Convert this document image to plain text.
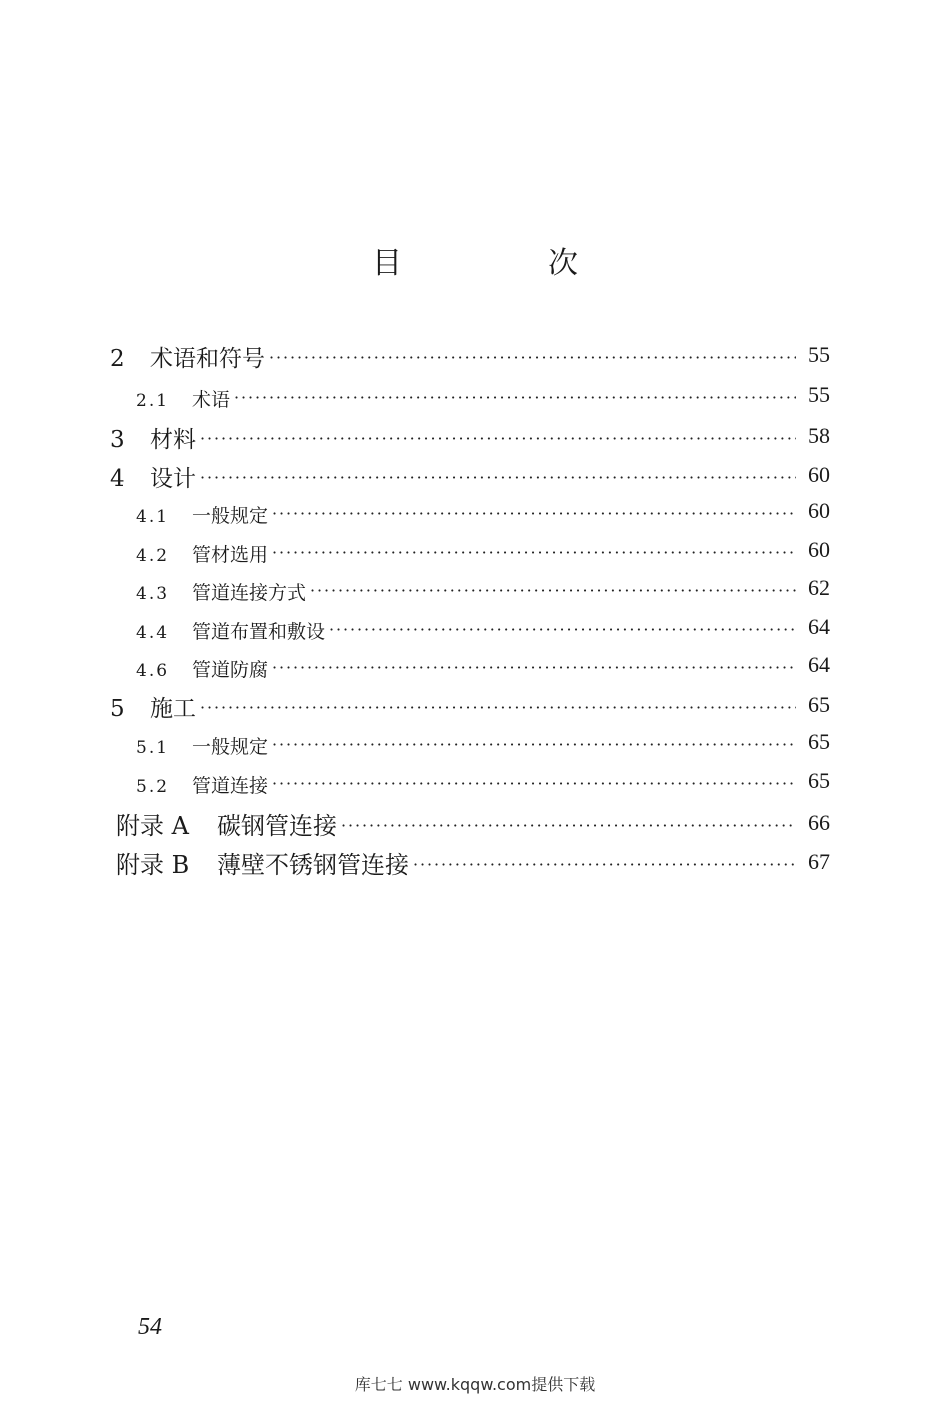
目　次
2	术语和符号 ·····	55
2.1	术语 ·····	55
3	材料 ·····	58
4	设计 ·····	60
4.1	一般规定 ·····	60
4.2	管材选用 ·····	60
4.3	管道连接方式 ·····	62
4.4	管道布置和敷设 ·····	64
4.6	管道防腐 ·····	64
5	施工 ·····	65
5.1	一般规定 ·····	65
5.2	管道连接 ·····	65
附录 A	碳钢管连接 ·····	66
附录 B	薄壁不锈钢管连接 ·····	67
54
库七七 www.kqqw.com提供下载
